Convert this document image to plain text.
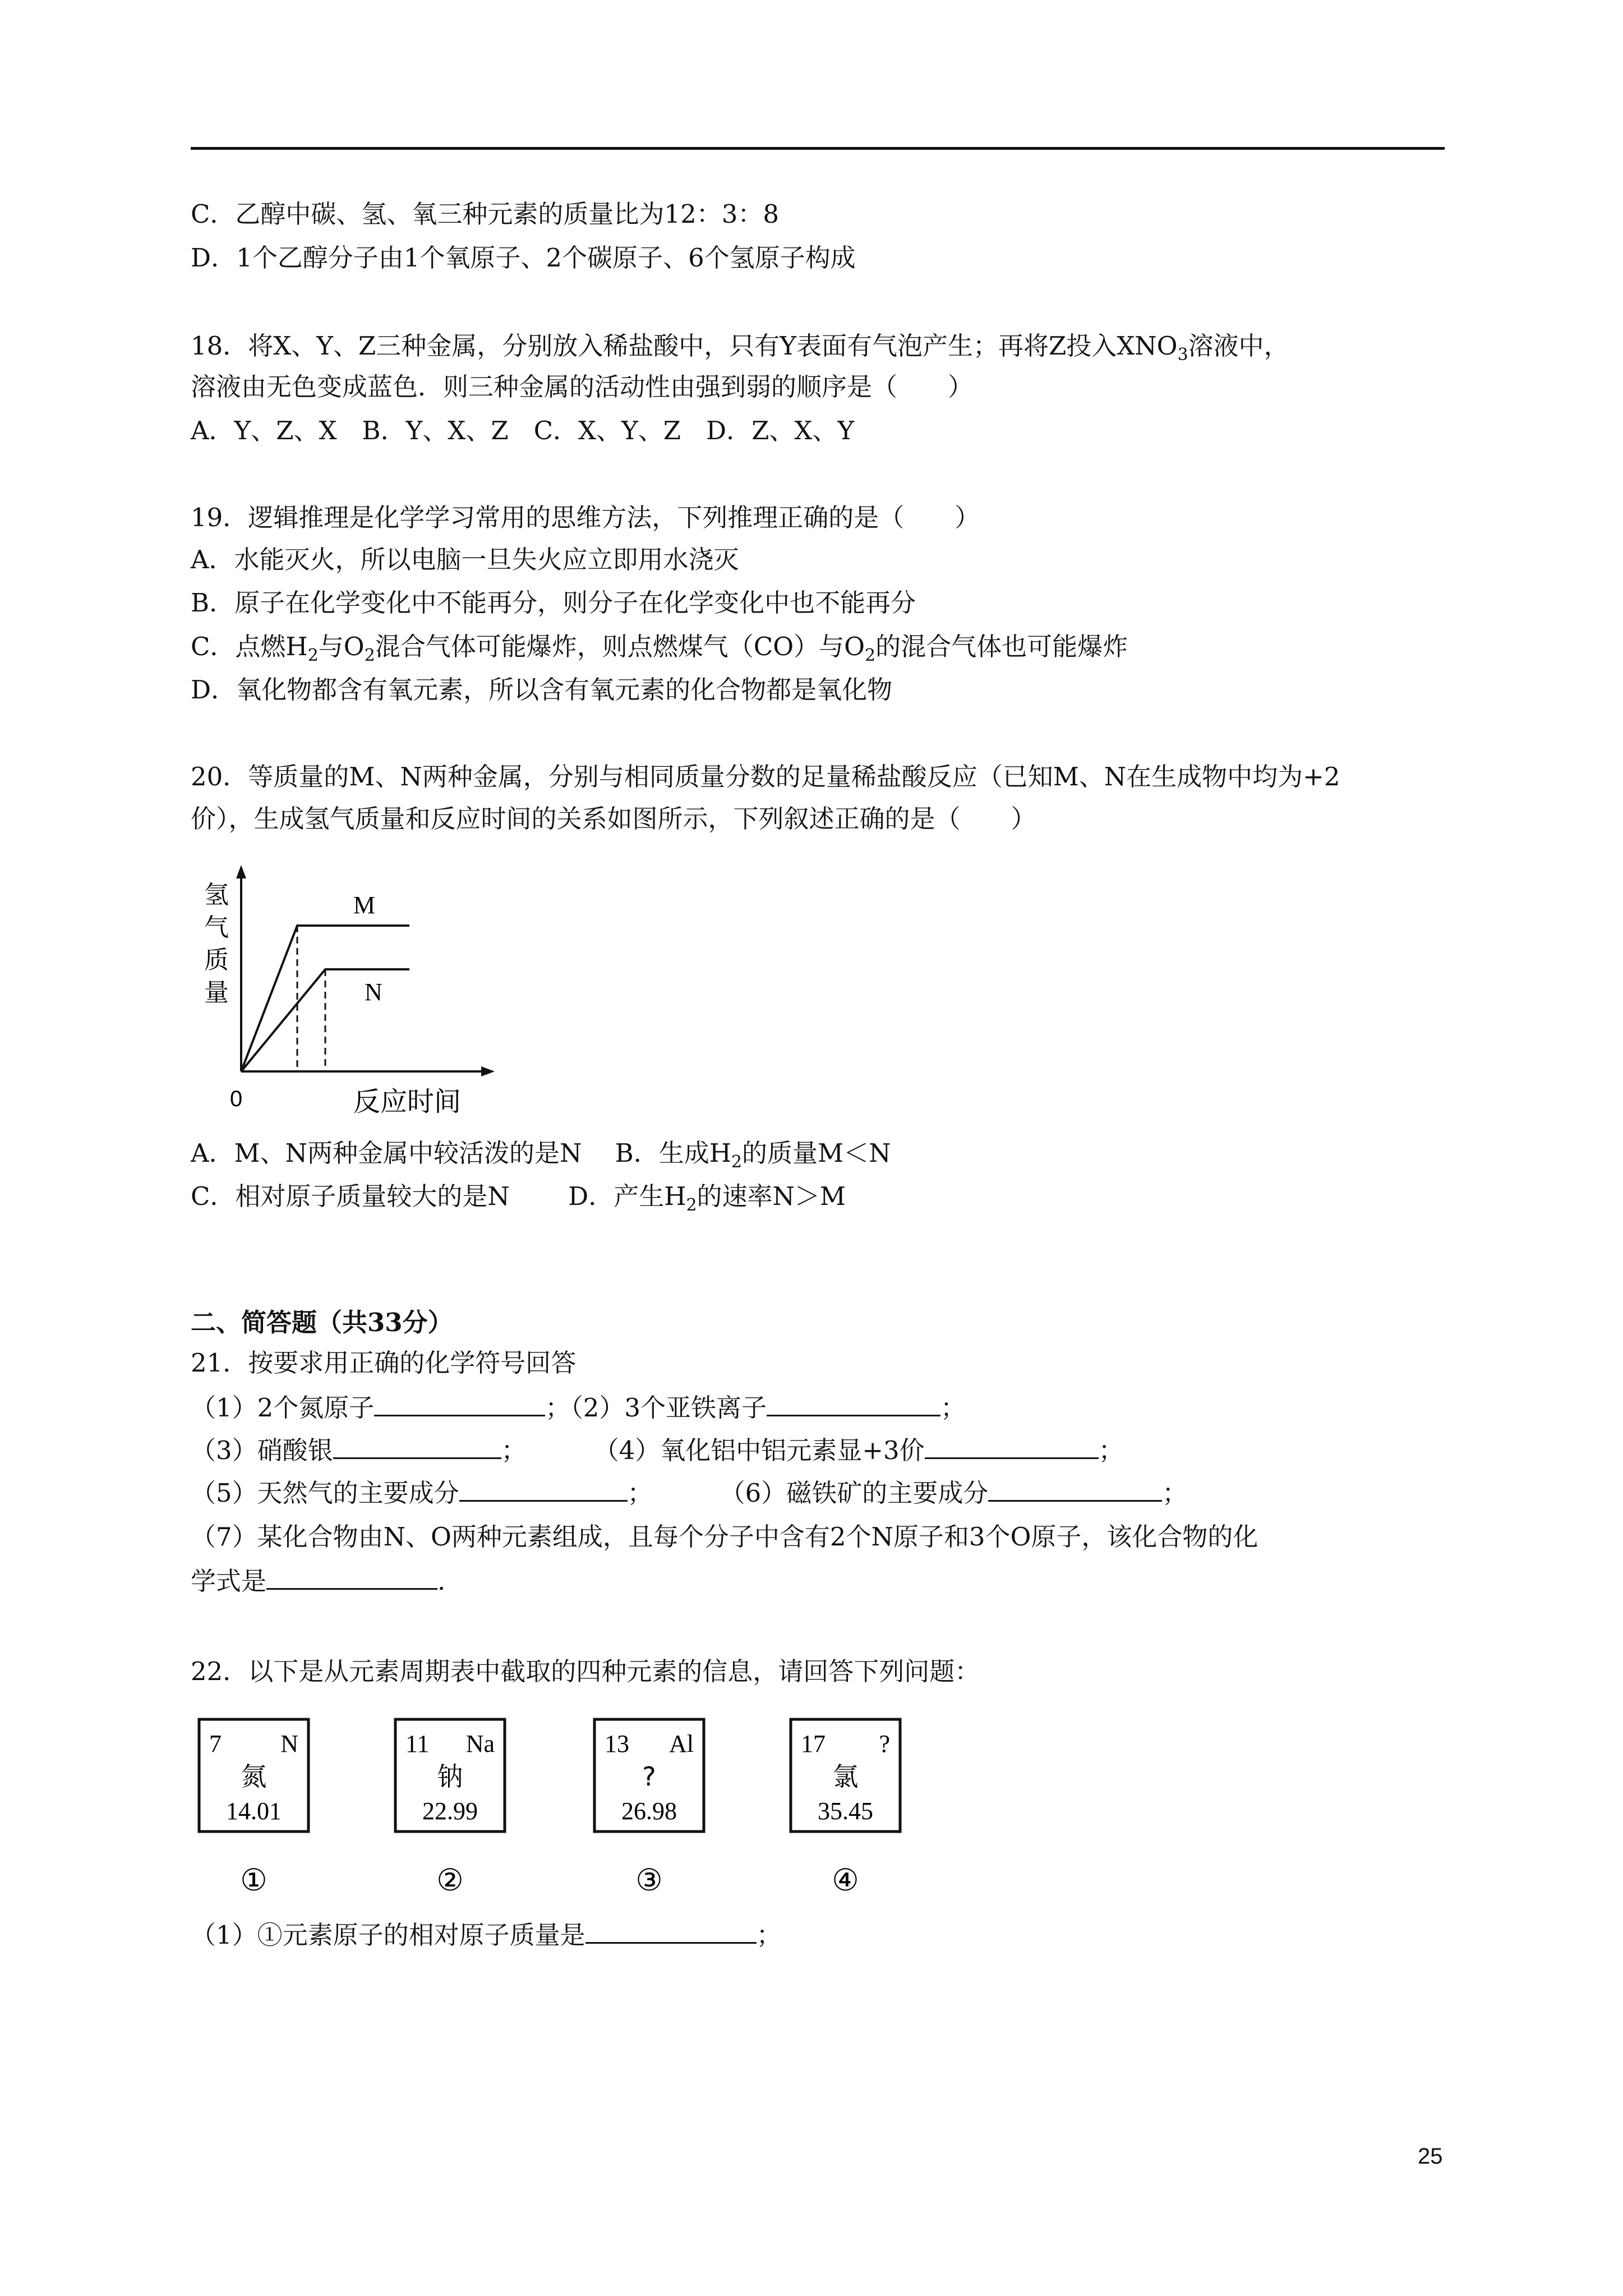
C．乙醇中碳、氢、氧三种元素的质量比为12：3：8
D．1个乙醇分子由1个氧原子、2个碳原子、6个氢原子构成
18．将X、Y、Z三种金属，分别放入稀盐酸中，只有Y表面有气泡产生；再将Z投入$XNO_3$溶液中，
溶液由无色变成蓝色．则三种金属的活动性由强到弱的顺序是（　　）
A．Y、Z、X　B．Y、X、Z　C．X、Y、Z　D．Z、X、Y
19．逻辑推理是化学学习常用的思维方法，下列推理正确的是（　　）
A．水能灭火，所以电脑一旦失火应立即用水浇灭
B．原子在化学变化中不能再分，则分子在化学变化中也不能再分
C．点燃$H_2$与$O_2$混合气体可能爆炸，则点燃煤气（CO）与$O_2$的混合气体也可能爆炸
D．氧化物都含有氧元素，所以含有氧元素的化合物都是氧化物
20．等质量的M、N两种金属，分别与相同质量分数的足量稀盐酸反应（已知M、N在生成物中均为+2
价），生成氢气质量和反应时间的关系如图所示，下列叙述正确的是（　　）
氢
气
质
量
0	反应时间
M
N
A．M、N两种金属中较活泼的是N　 B．生成$H_2$的质量M＜N
C．相对原子质量较大的是N　　 D．产生$H_2$的速率N＞M
二、简答题（共33分）
21．按要求用正确的化学符号回答
（1）2个氮原子	；（2）3个亚铁离子	；
（3）硝酸银	；	（4）氧化铝中铝元素显+3价	；
（5）天然气的主要成分	；	（6）磁铁矿的主要成分	；
（7）某化合物由N、O两种元素组成，且每个分子中含有2个N原子和3个O原子，该化合物的化
学式是	.
22．以下是从元素周期表中截取的四种元素的信息，请回答下列问题：
7 N
氮
14.01
①
11 Na
钠
22.99
②
13 Al
?
26.98
③
17 ?
氯
35.45
④
（1）①元素原子的相对原子质量是	；
25
